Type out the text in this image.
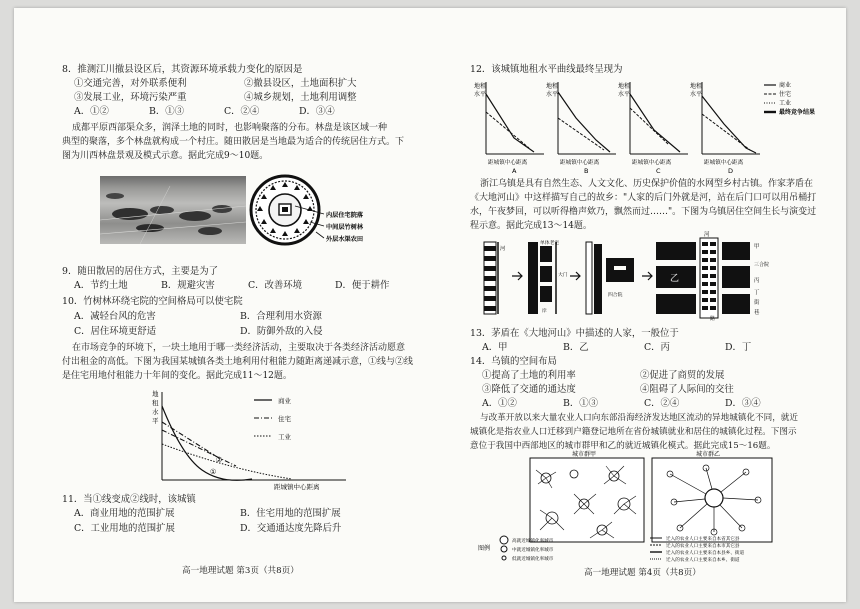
8．推测江川撤县设区后，其资源环境承载力变化的原因是
①交通完善，对外联系便利	②撤县设区，土地面积扩大
③发展工业，环境污染严重	④城乡规划，土地利用调整
A．①②	B．①③	C．②④	D．③④
成都平原西部渠众多，润泽土地的同时，也影响聚落的分布。林盘是该区域一种
典型的聚落，多个林盘就构成一个村庄。随田散居是当地最为适合的传统居住方式。下
图为川西林盘景观及模式示意。据此完成9～10题。
内层住宅院落
中间层竹树林
外层水渠农田
9．随田散居的居住方式，主要是为了
A．节约土地	B．规避灾害	C．改善环境	D．便于耕作
10．竹树林环绕宅院的空间格局可以使宅院
A．减轻台风的危害	B．合理利用水资源
C．居住环境更舒适	D．防御外敌的入侵
在市场竞争的环境下，一块土地用于哪一类经济活动，主要取决于各类经济活动愿意
付出租金的高低。下图为我国某城镇各类土地利用付租能力随距离递减示意，①线与②线
是住宅用地付租能力十年间的变化。据此完成11～12题。
地
租
水
平
②
①
商业
住宅
工业
距城镇中心距离
11．当①线变成②线时，该城镇
A．商业用地的范围扩展	B．住宅用地的范围扩展
C．工业用地的范围扩展	D．交通通达度先降后升
高一地理试题 第3页（共8页）
12．该城镇地租水平曲线最终呈现为
地租
水平
距城镇中心距离
A
地租
水平
距城镇中心距离
B
地租
水平
距城镇中心距离
C
地租
水平
距城镇中心距离
D
商业
住宅
工业
最终竞争结果
浙江乌镇是具有自然生态、人文文化、历史保护价值的水网型乡村古镇。作家茅盾在
《大地河山》中这样描写自己的故乡："人家的后门外就是河，站在后门口可以用吊桶打
水，午夜梦回，可以听得橹声欸乃，飘然而过……"。下图为乌镇居住空间生长与演变过
程示意。据此完成13～14题。
河
单体老宅
大门
岸
四合院
河
乙
甲
三合院
丙
丁
街
巷
路
13．茅盾在《大地河山》中描述的人家，一般位于
A．甲	B．乙	C．丙	D．丁
14．乌镇的空间布局
①提高了土地的利用率	②促进了商贸的发展
③降低了交通的通达度	④阻碍了人际间的交往
A．①②	B．①③	C．②④	D．③④
与改革开放以来大量农业人口向东部沿海经济发达地区流动的异地城镇化不同，就近
城镇化是指农业人口迁移到户籍登记地所在省份城镇就业和居住的城镇化过程。下图示
意位于我国中西部地区的城市群甲和乙的就近城镇化模式。据此完成15～16题。
城市群甲	城市群乙
图例
高就近城镇化率城市
中就近城镇化率城市
低就近城镇化率城市
迁入的农业人口主要来自本省其它县
迁入的农业人口主要来自本市其它县
迁入的农业人口主要来自本县乡、街道
迁入的农业人口主要来自本乡、街道
高一地理试题 第4页（共8页）
